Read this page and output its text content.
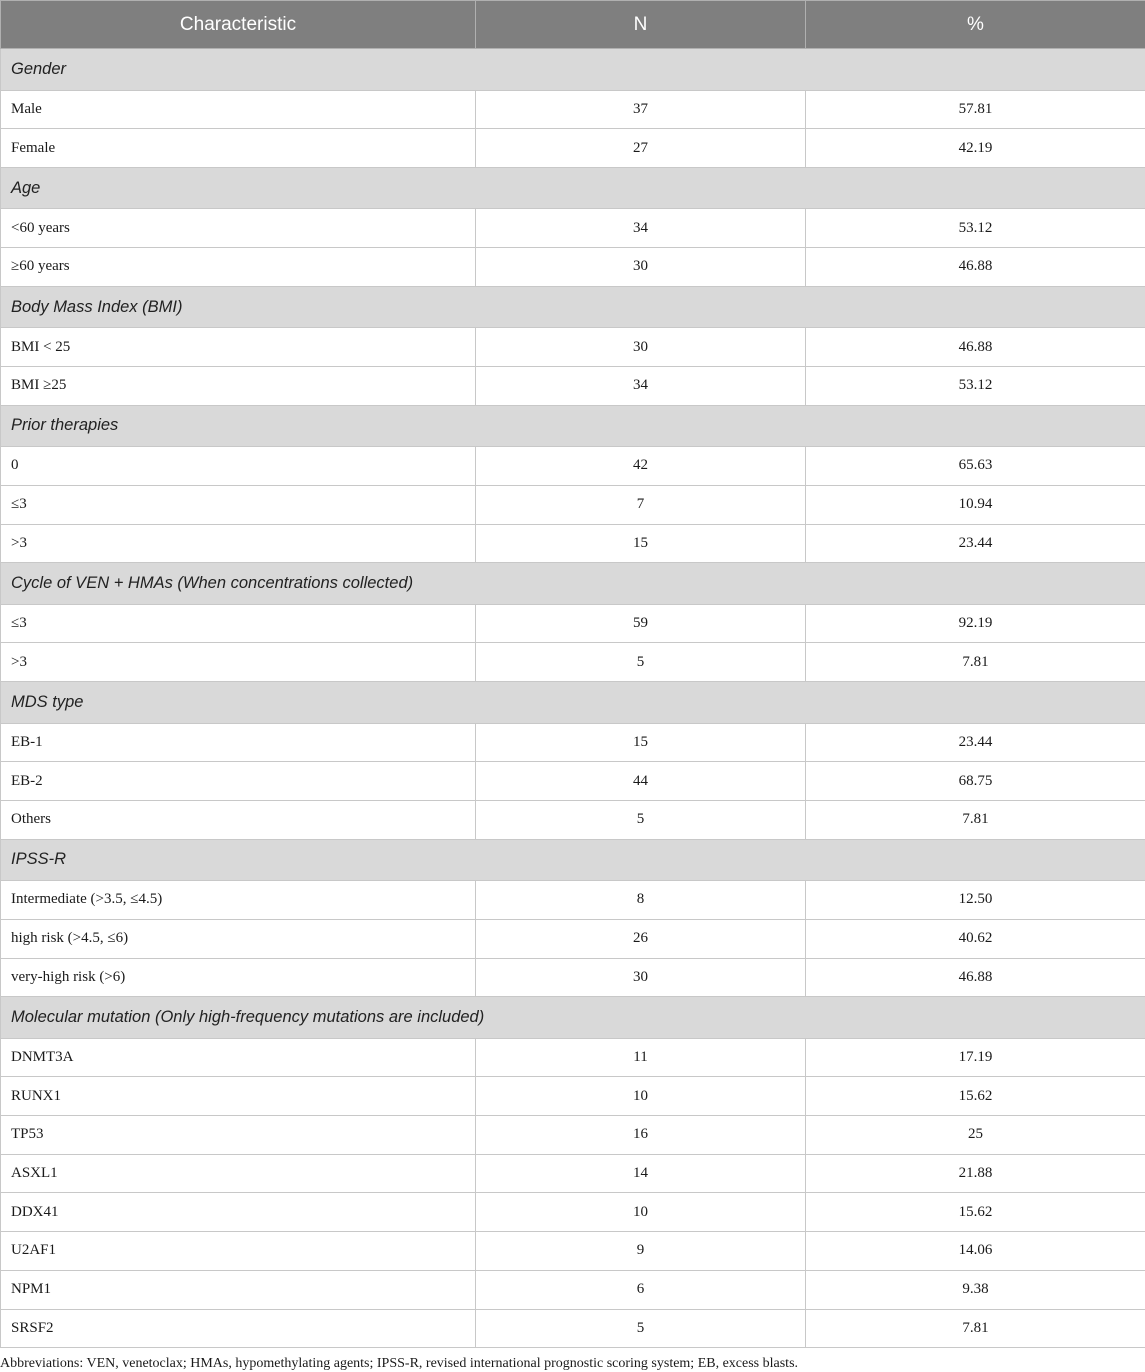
Characteristic	N	%
Gender		
Male	37	57.81
Female	27	42.19
Age		
<60 years	34	53.12
≥60 years	30	46.88
Body Mass Index (BMI)		
BMI < 25	30	46.88
BMI ≥25	34	53.12
Prior therapies		
0	42	65.63
≤3	7	10.94
>3	15	23.44
Cycle of VEN + HMAs (When concentrations collected)		
≤3	59	92.19
>3	5	7.81
MDS type		
EB-1	15	23.44
EB-2	44	68.75
Others	5	7.81
IPSS-R		
Intermediate (>3.5, ≤4.5)	8	12.50
high risk (>4.5, ≤6)	26	40.62
very-high risk (>6)	30	46.88
Molecular mutation (Only high-frequency mutations are included)		
DNMT3A	11	17.19
RUNX1	10	15.62
TP53	16	25
ASXL1	14	21.88
DDX41	10	15.62
U2AF1	9	14.06
NPM1	6	9.38
SRSF2	5	7.81
Abbreviations: VEN, venetoclax; HMAs, hypomethylating agents; IPSS-R, revised international prognostic scoring system; EB, excess blasts.
